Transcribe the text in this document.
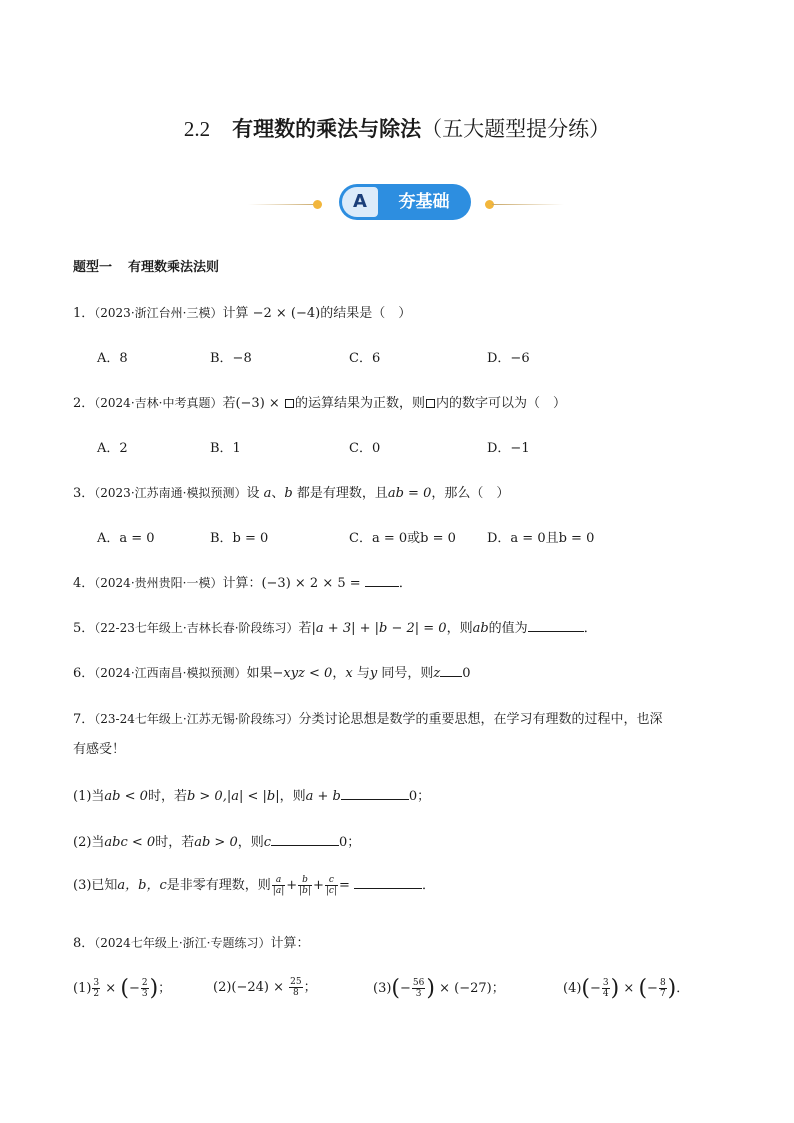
2.2 有理数的乘法与除法（五大题型提分练）
A	夯基础
题型一 有理数乘法法则
1．（2023·浙江台州·三模）计算 −2 × (−4)的结果是（　）
A．8	B．−8	C．6	D．−6
2．（2024·吉林·中考真题）若(−3) × 的运算结果为正数，则 内的数字可以为（　）
A．2	B．1	C．0	D．−1
3．（2023·江苏南通·模拟预测）设 a、b 都是有理数，且ab = 0，那么（　）
A．a = 0	B．b = 0	C．a = 0或b = 0 D．a = 0且b = 0
4．（2024·贵州贵阳·一模）计算：(−3) × 2 × 5 =	．
5．（22-23七年级上·吉林长春·阶段练习）若|a + 3| + |b − 2| = 0，则ab的值为	．
6．（2024·江西南昌·模拟预测）如果−xyz < 0，x 与y 同号，则z 0
7．（23-24七年级上·江苏无锡·阶段练习）分类讨论思想是数学的重要思想，在学习有理数的过程中，也深
有感受！
(1)当ab < 0时，若b > 0,|a| < |b|，则a + b	0；
(2)当abc < 0时，若ab > 0，则c	0；
(3)已知a，b，c是非零有理数，则 $\frac{a}{|a|} + \frac{b}{|b|} + \frac{c}{|c|}$ =	．
8．（2024七年级上·浙江·专题练习）计算：
$(1) \frac{3}{2}$ × (− $\frac{2}{3}$ )；	$(2)(-24) \times \frac{25}{8}$ ；	$(3)(- \frac{56}{3}$ ) × (−27)；	$(4)(- \frac{3}{4}$ ) × (− $\frac{8}{7}$ )．
